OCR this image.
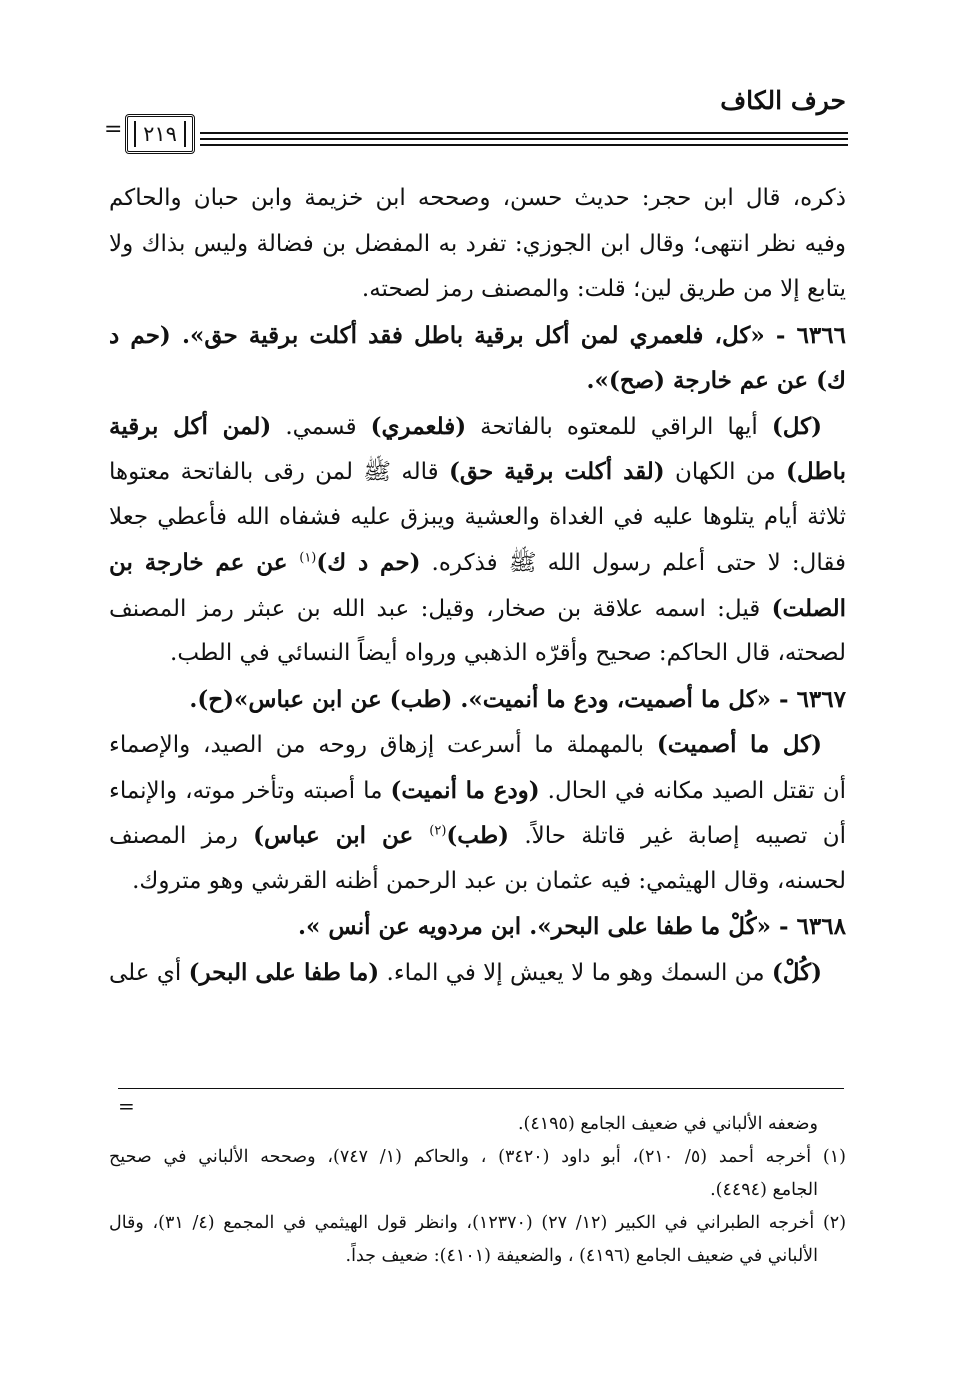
حرف الكاف
٢١٩
=
ذكره، قال ابن حجر: حديث حسن، وصححه ابن خزيمة وابن حبان والحاكم
وفيه نظر انتهى؛ وقال ابن الجوزي: تفرد به المفضل بن فضالة وليس بذاك ولا
يتابع إلا من طريق لين؛ قلت: والمصنف رمز لصحته.
٦٣٦٦ - «كل، فلعمري لمن أكل برقية باطل فقد أكلت برقية حق». (حم د
ك) عن عم خارجة (صح)».
(كل) أيها الراقي للمعتوه بالفاتحة (فلعمري) قسمي. (لمن أكل برقية
باطل) من الكهان (لقد أكلت برقية حق) قاله ﷺ لمن رقى بالفاتحة معتوها
ثلاثة أيام يتلوها عليه في الغداة والعشية ويبزق عليه فشفاه الله فأعطي جعلا
فقال: لا حتى أعلم رسول الله ﷺ فذكره. (حم د ك)$^{(١)}$ عن عم خارجة بن
الصلت) قيل: اسمه علاقة بن صخار، وقيل: عبد الله بن عبثر رمز المصنف
لصحته، قال الحاكم: صحيح وأقرّه الذهبي ورواه أيضاً النسائي في الطب.
٦٣٦٧ - «كل ما أصميت، ودع ما أنميت». (طب) عن ابن عباس»(ح).
(كل ما أصميت) بالمهملة ما أسرعت إزهاق روحه من الصيد، والإصماء
أن تقتل الصيد مكانه في الحال. (ودع ما أنميت) ما أصبته وتأخر موته، والإنماء
أن تصيبه إصابة غير قاتلة حالاً. (طب)$^{(٢)}$ عن ابن عباس) رمز المصنف
لحسنه، وقال الهيثمي: فيه عثمان بن عبد الرحمن أظنه القرشي وهو متروك.
٦٣٦٨ - «كُلْ ما طفا على البحر». ابن مردويه عن أنس ».
(كُلْ) من السمك وهو ما لا يعيش إلا في الماء. (ما طفا على البحر) أي على
=
وضعفه الألباني في ضعيف الجامع (٤١٩٥).
(١) أخرجه أحمد (٥/ ٢١٠)، أبو داود (٣٤٢٠) ، والحاكم (١/ ٧٤٧)، وصححه الألباني في صحيح
الجامع (٤٤٩٤).
(٢) أخرجه الطبراني في الكبير (١٢/ ٢٧) (١٢٣٧٠)، وانظر قول الهيثمي في المجمع (٤/ ٣١)، وقال
الألباني في ضعيف الجامع (٤١٩٦) ، والضعيفة (٤١٠١): ضعيف جداً.
